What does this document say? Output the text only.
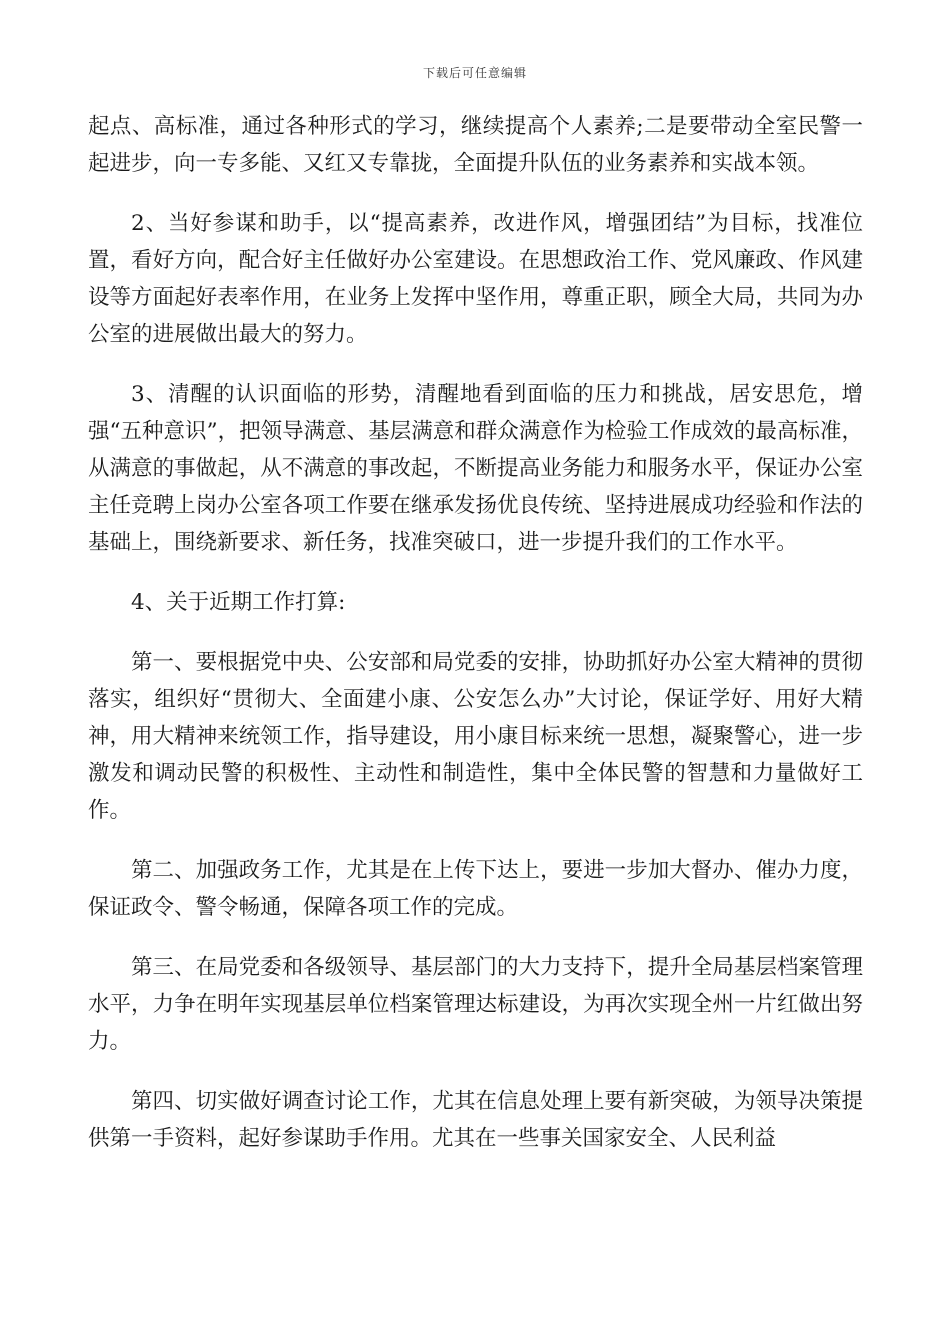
下载后可任意编辑

起点、高标准，通过各种形式的学习，继续提高个人素养;二是要带动全室民警一起进步，向一专多能、又红又专靠拢，全面提升队伍的业务素养和实战本领。

2、当好参谋和助手，以“提高素养，改进作风，增强团结”为目标，找准位置，看好方向，配合好主任做好办公室建设。在思想政治工作、党风廉政、作风建设等方面起好表率作用，在业务上发挥中坚作用，尊重正职，顾全大局，共同为办公室的进展做出最大的努力。

3、清醒的认识面临的形势，清醒地看到面临的压力和挑战，居安思危，增强“五种意识”，把领导满意、基层满意和群众满意作为检验工作成效的最高标准，从满意的事做起，从不满意的事改起，不断提高业务能力和服务水平，保证办公室主任竞聘上岗办公室各项工作要在继承发扬优良传统、坚持进展成功经验和作法的基础上，围绕新要求、新任务，找准突破口，进一步提升我们的工作水平。

4、关于近期工作打算:

第一、要根据党中央、公安部和局党委的安排，协助抓好办公室大精神的贯彻落实，组织好“贯彻大、全面建小康、公安怎么办”大讨论，保证学好、用好大精神，用大精神来统领工作，指导建设，用小康目标来统一思想，凝聚警心，进一步激发和调动民警的积极性、主动性和制造性，集中全体民警的智慧和力量做好工作。

第二、加强政务工作，尤其是在上传下达上，要进一步加大督办、催办力度，保证政令、警令畅通，保障各项工作的完成。

第三、在局党委和各级领导、基层部门的大力支持下，提升全局基层档案管理水平，力争在明年实现基层单位档案管理达标建设，为再次实现全州一片红做出努力。

第四、切实做好调查讨论工作，尤其在信息处理上要有新突破，为领导决策提供第一手资料，起好参谋助手作用。尤其在一些事关国家安全、人民利益
